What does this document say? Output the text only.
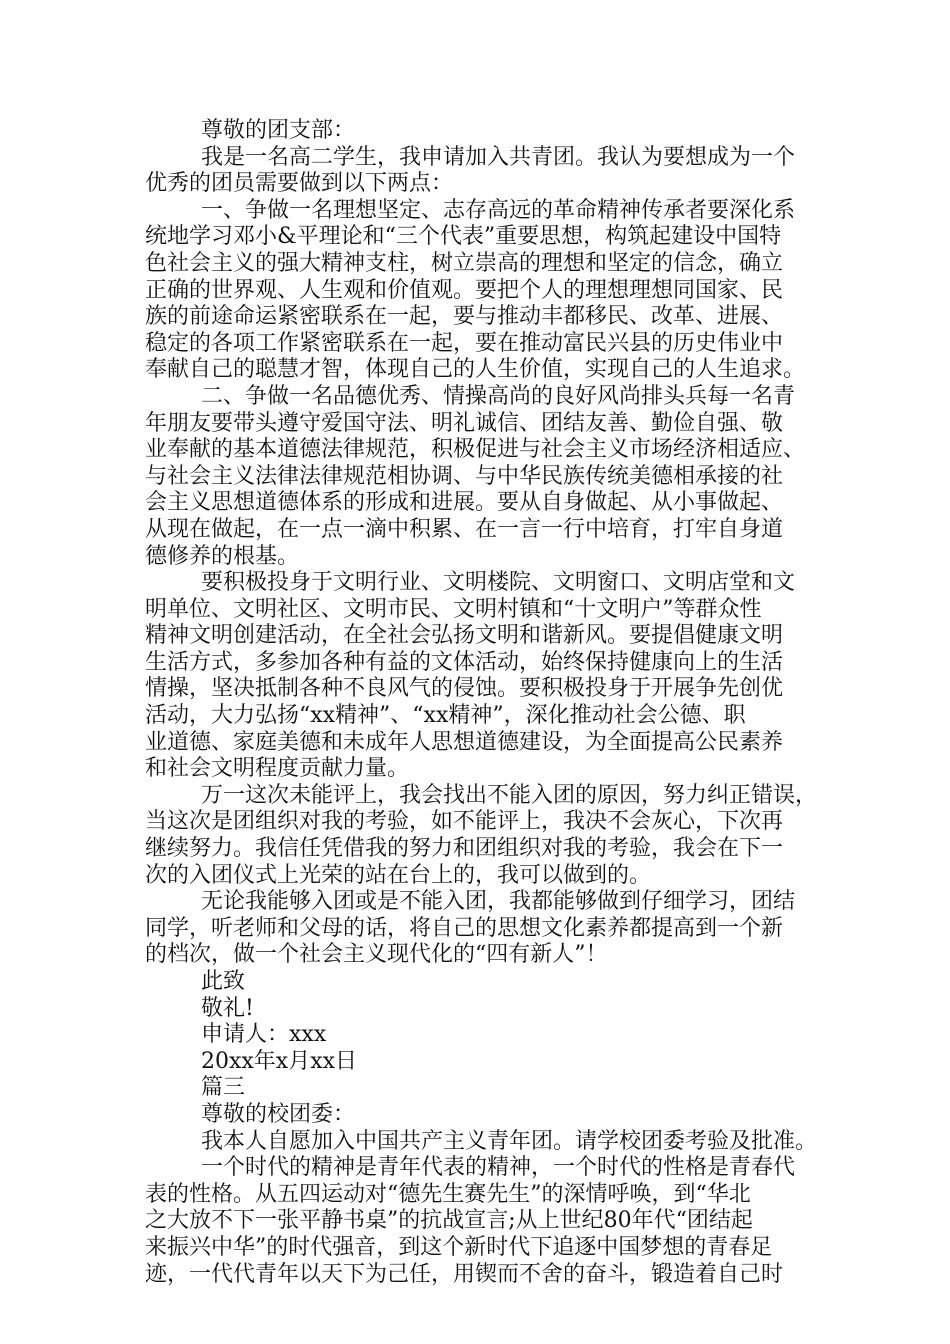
尊敬的团支部：
我是一名高二学生，我申请加入共青团。我认为要想成为一个
优秀的团员需要做到以下两点：
一、争做一名理想坚定、志存高远的革命精神传承者要深化系
统地学习邓小&平理论和“三个代表”重要思想，构筑起建设中国特
色社会主义的强大精神支柱，树立崇高的理想和坚定的信念，确立
正确的世界观、人生观和价值观。要把个人的理想理想同国家、民
族的前途命运紧密联系在一起，要与推动丰都移民、改革、进展、
稳定的各项工作紧密联系在一起，要在推动富民兴县的历史伟业中
奉献自己的聪慧才智，体现自己的人生价值，实现自己的人生追求。
二、争做一名品德优秀、情操高尚的良好风尚排头兵每一名青
年朋友要带头遵守爱国守法、明礼诚信、团结友善、勤俭自强、敬
业奉献的基本道德法律规范，积极促进与社会主义市场经济相适应、
与社会主义法律法律规范相协调、与中华民族传统美德相承接的社
会主义思想道德体系的形成和进展。要从自身做起、从小事做起、
从现在做起，在一点一滴中积累、在一言一行中培育，打牢自身道
德修养的根基。
要积极投身于文明行业、文明楼院、文明窗口、文明店堂和文
明单位、文明社区、文明市民、文明村镇和“十文明户”等群众性
精神文明创建活动，在全社会弘扬文明和谐新风。要提倡健康文明
生活方式，多参加各种有益的文体活动，始终保持健康向上的生活
情操，坚决抵制各种不良风气的侵蚀。要积极投身于开展争先创优
活动，大力弘扬“xx精神”、“xx精神”，深化推动社会公德、职
业道德、家庭美德和未成年人思想道德建设，为全面提高公民素养
和社会文明程度贡献力量。
万一这次未能评上，我会找出不能入团的原因，努力纠正错误，
当这次是团组织对我的考验，如不能评上，我决不会灰心，下次再
继续努力。我信任凭借我的努力和团组织对我的考验，我会在下一
次的入团仪式上光荣的站在台上的，我可以做到的。
无论我能够入团或是不能入团，我都能够做到仔细学习，团结
同学，听老师和父母的话，将自己的思想文化素养都提高到一个新
的档次，做一个社会主义现代化的“四有新人”！
此致
敬礼!
申请人：xxx
20xx年x月xx日
篇三
尊敬的校团委：
我本人自愿加入中国共产主义青年团。请学校团委考验及批准。
一个时代的精神是青年代表的精神，一个时代的性格是青春代
表的性格。从五四运动对“德先生赛先生”的深情呼唤，到“华北
之大放不下一张平静书桌”的抗战宣言;从上世纪80年代“团结起
来振兴中华”的时代强音，到这个新时代下追逐中国梦想的青春足
迹，一代代青年以天下为己任，用锲而不舍的奋斗，锻造着自己时
